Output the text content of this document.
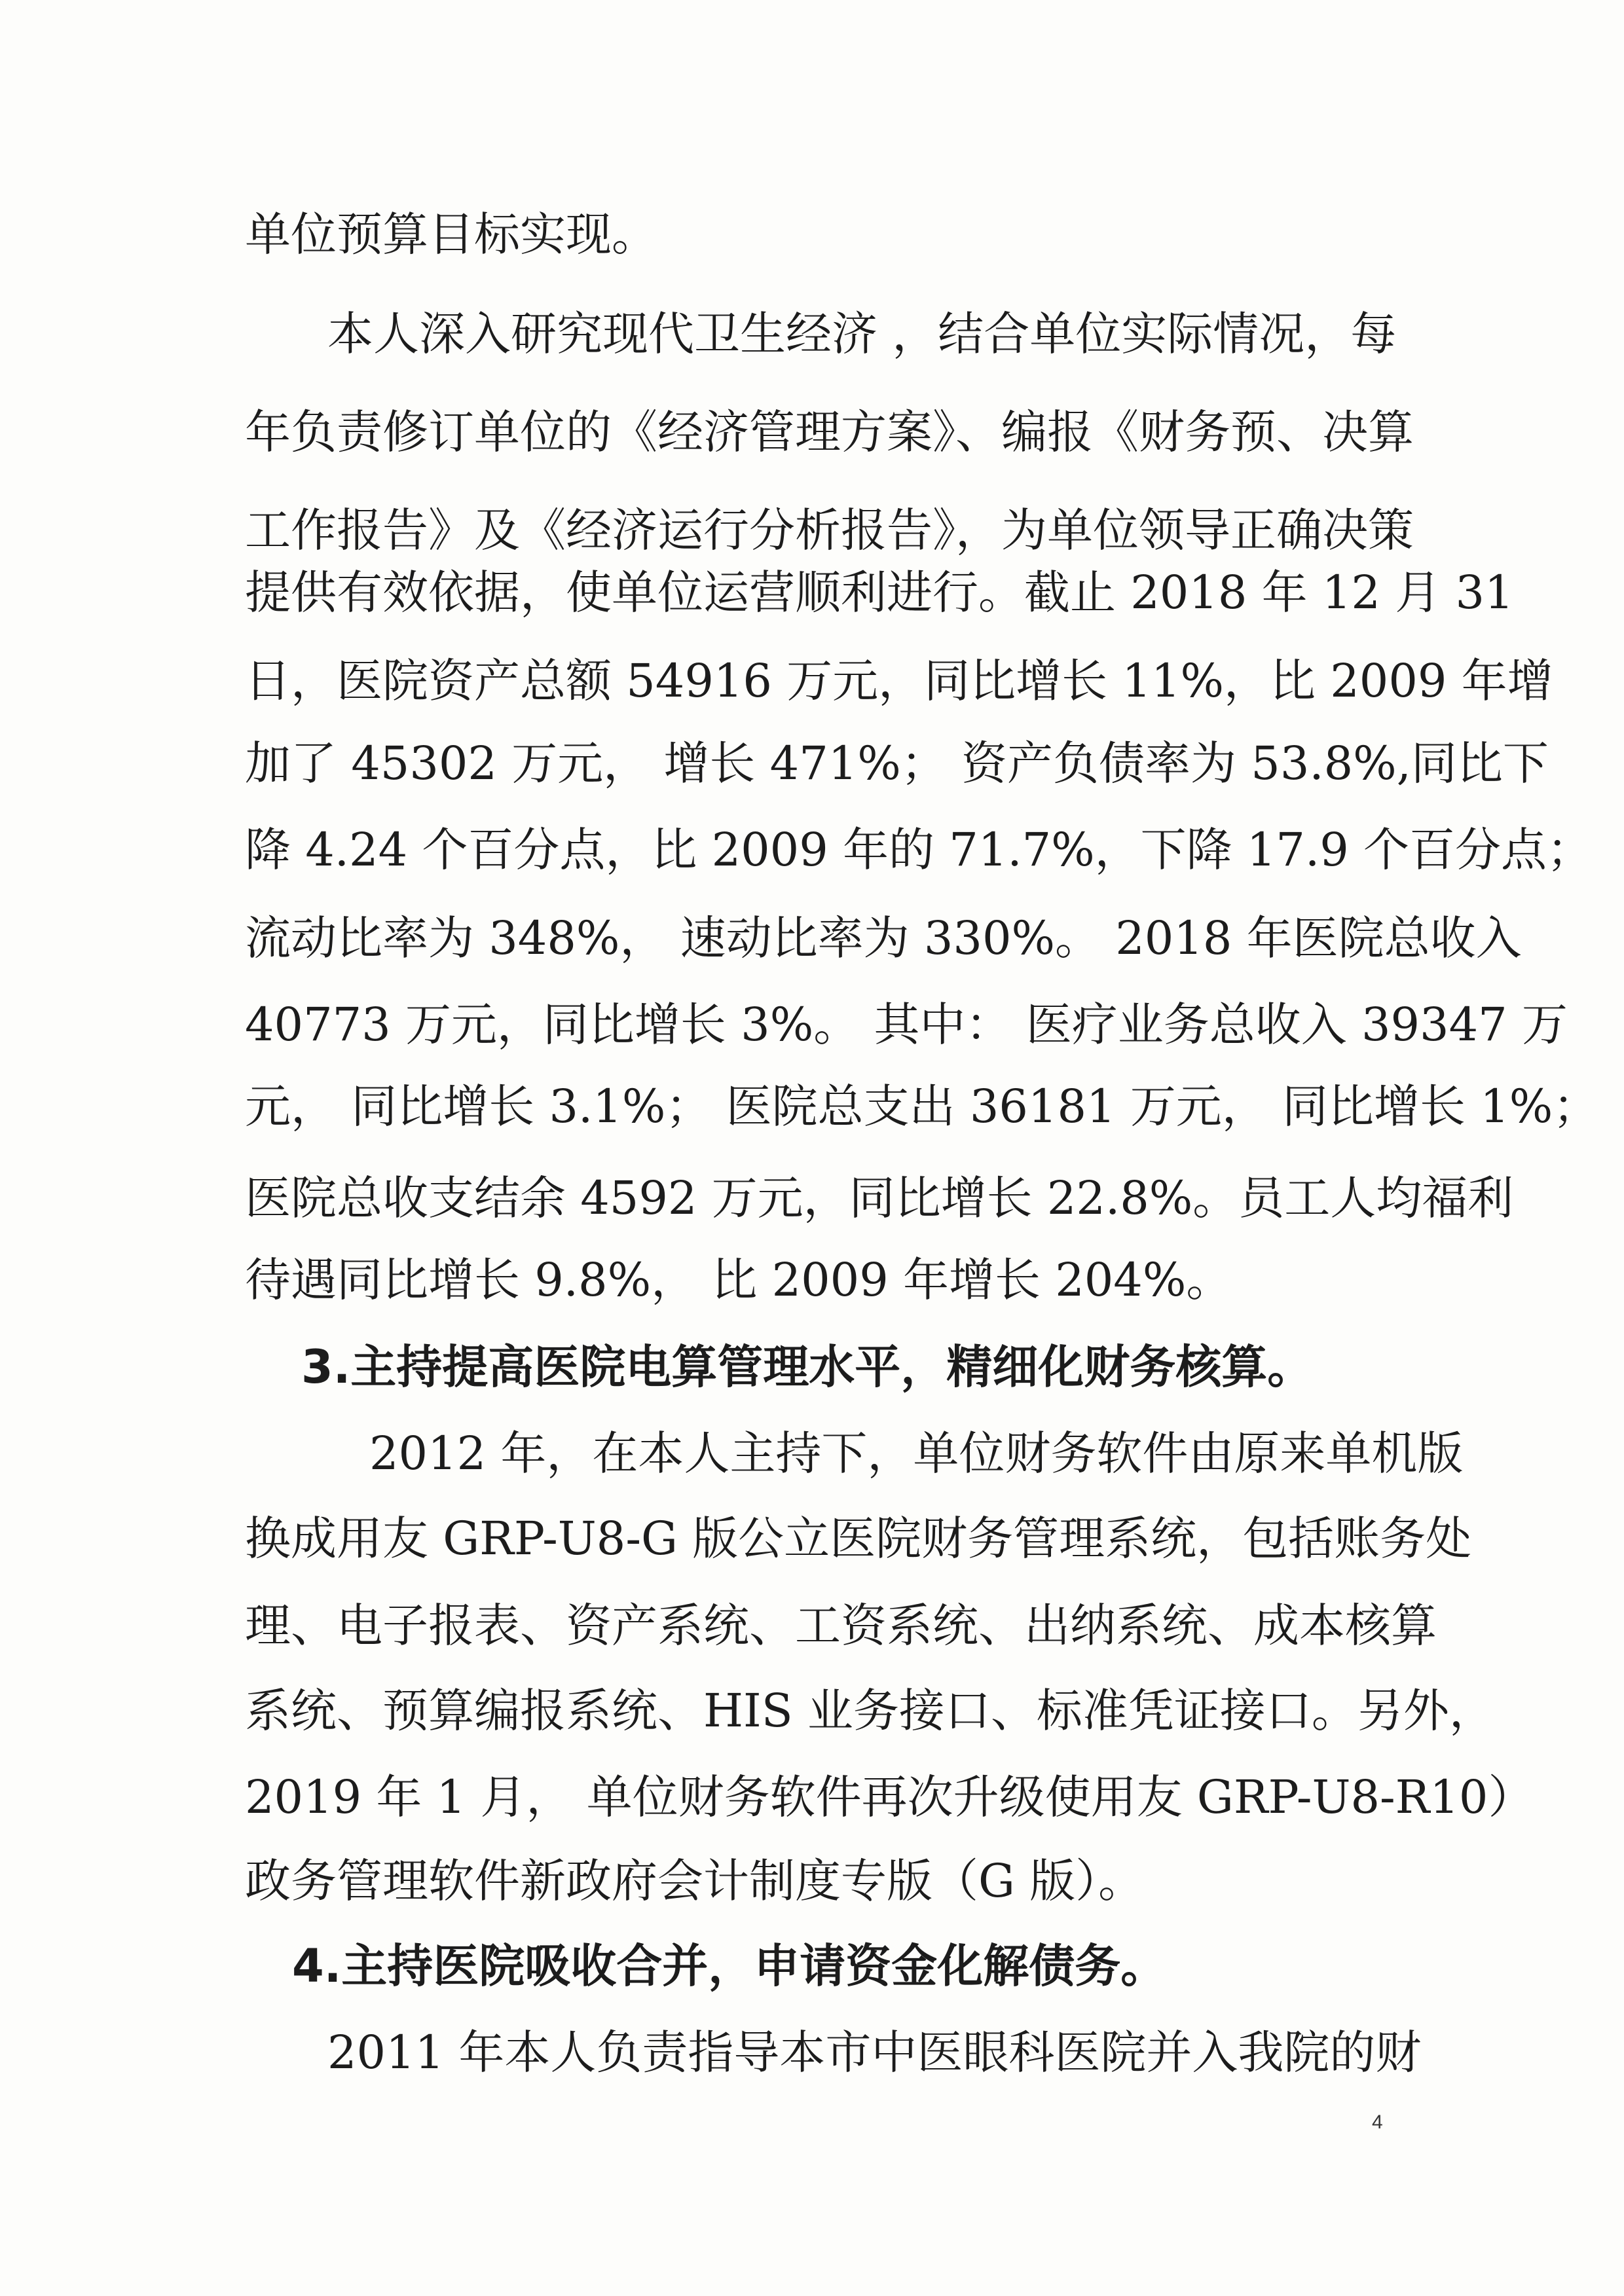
单位预算目标实现。
本人深入研究现代卫生经济 ，结合单位实际情况，每
年负责修订单位的《经济管理方案》、编报《财务预、决算
工作报告》及《经济运行分析报告》，为单位领导正确决策
提供有效依据，使单位运营顺利进行。截止 2018 年 12 月 31
日，医院资产总额 54916 万元，同比增长 11%，比 2009 年增
加了 45302 万元， 增长 471%； 资产负债率为 53.8%,同比下
降 4.24 个百分点，比 2009 年的 71.7%，下降 17.9 个百分点；
流动比率为 348%， 速动比率为 330%。 2018 年医院总收入
40773 万元，同比增长 3%。 其中： 医疗业务总收入 39347 万
元， 同比增长 3.1%； 医院总支出 36181 万元， 同比增长 1%；
医院总收支结余 4592 万元，同比增长 22.8%。员工人均福利
待遇同比增长 9.8%， 比 2009 年增长 204%。
3.主持提高医院电算管理水平，精细化财务核算。
2012 年，在本人主持下，单位财务软件由原来单机版
换成用友 GRP-U8-G 版公立医院财务管理系统，包括账务处
理、电子报表、资产系统、工资系统、出纳系统、成本核算
系统、预算编报系统、HIS 业务接口、标准凭证接口。另外，
2019 年 1 月， 单位财务软件再次升级使用友 GRP-U8-R10）
政务管理软件新政府会计制度专版（G 版）。
4.主持医院吸收合并，申请资金化解债务。
2011 年本人负责指导本市中医眼科医院并入我院的财
4
